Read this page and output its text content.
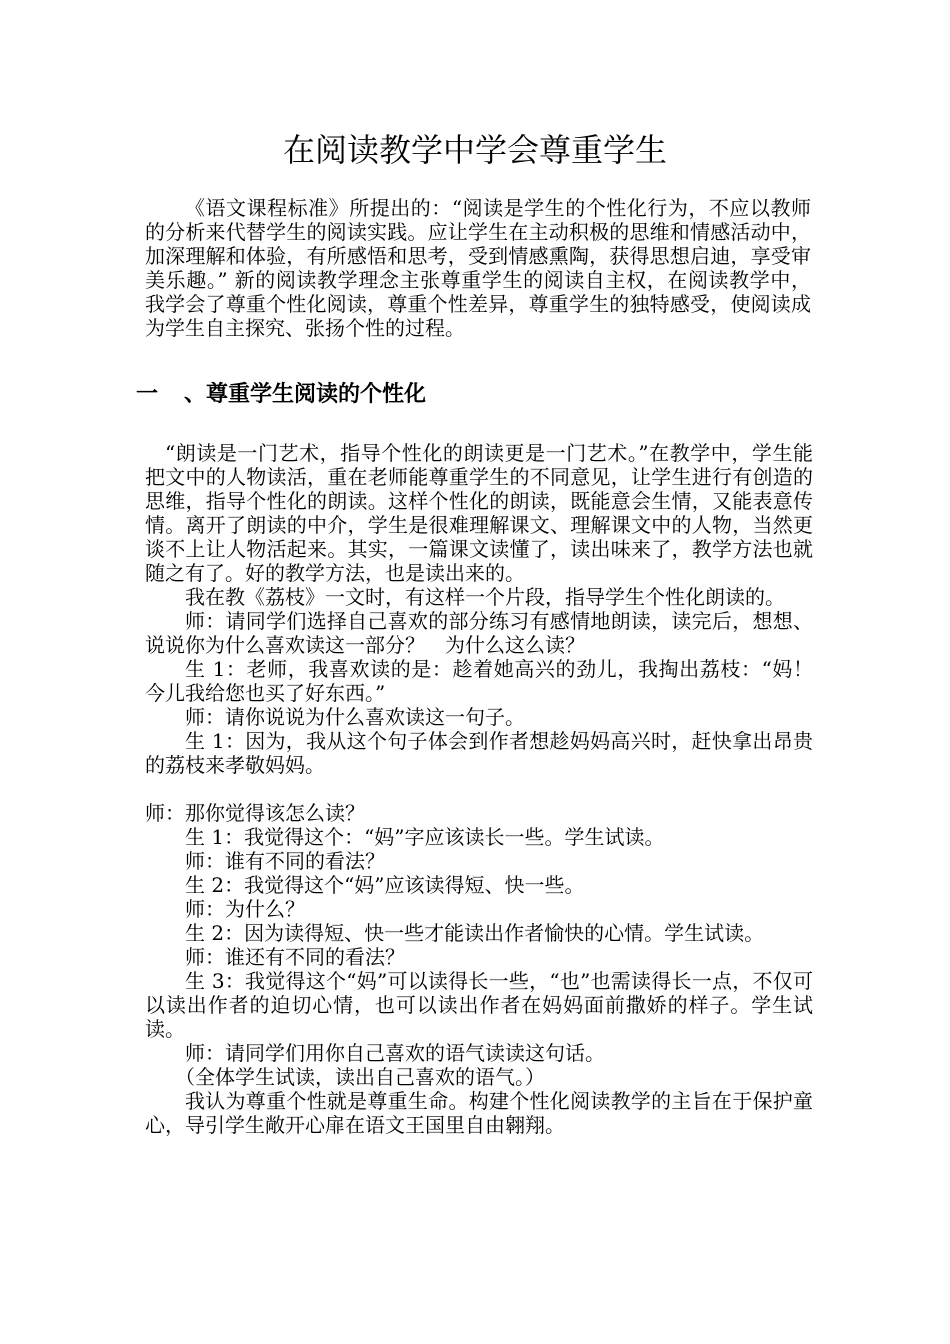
在阅读教学中学会尊重学生

《语文课程标准》所提出的：“阅读是学生的个性化行为，不应以教师的分析来代替学生的阅读实践。应让学生在主动积极的思维和情感活动中，加深理解和体验，有所感悟和思考，受到情感熏陶，获得思想启迪，享受审美乐趣。” 新的阅读教学理念主张尊重学生的阅读自主权，在阅读教学中，我学会了尊重个性化阅读，尊重个性差异，尊重学生的独特感受，使阅读成为学生自主探究、张扬个性的过程。

一 、尊重学生阅读的个性化

“朗读是一门艺术，指导个性化的朗读更是一门艺术。”在教学中，学生能把文中的人物读活，重在老师能尊重学生的不同意见，让学生进行有创造的思维，指导个性化的朗读。这样个性化的朗读，既能意会生情，又能表意传情。离开了朗读的中介，学生是很难理解课文、理解课文中的人物，当然更谈不上让人物活起来。其实，一篇课文读懂了，读出味来了，教学方法也就随之有了。好的教学方法，也是读出来的。

我在教《荔枝》一文时，有这样一个片段，指导学生个性化朗读的。

师：请同学们选择自己喜欢的部分练习有感情地朗读，读完后，想想、说说你为什么喜欢读这一部分？　为什么这么读？

生 1：老师，我喜欢读的是：趁着她高兴的劲儿，我掏出荔枝：“妈！今儿我给您也买了好东西。”

师：请你说说为什么喜欢读这一句子。

生 1：因为，我从这个句子体会到作者想趁妈妈高兴时，赶快拿出昂贵的荔枝来孝敬妈妈。

师：那你觉得该怎么读？

生 1：我觉得这个：“妈”字应该读长一些。学生试读。

师：谁有不同的看法？

生 2：我觉得这个“妈”应该读得短、快一些。

师：为什么？

生 2：因为读得短、快一些才能读出作者愉快的心情。学生试读。

师：谁还有不同的看法？

生 3：我觉得这个“妈”可以读得长一些，“也”也需读得长一点，不仅可以读出作者的迫切心情，也可以读出作者在妈妈面前撒娇的样子。学生试读。

师：请同学们用你自己喜欢的语气读读这句话。

（全体学生试读，读出自己喜欢的语气。）

我认为尊重个性就是尊重生命。构建个性化阅读教学的主旨在于保护童心，导引学生敞开心扉在语文王国里自由翱翔。
